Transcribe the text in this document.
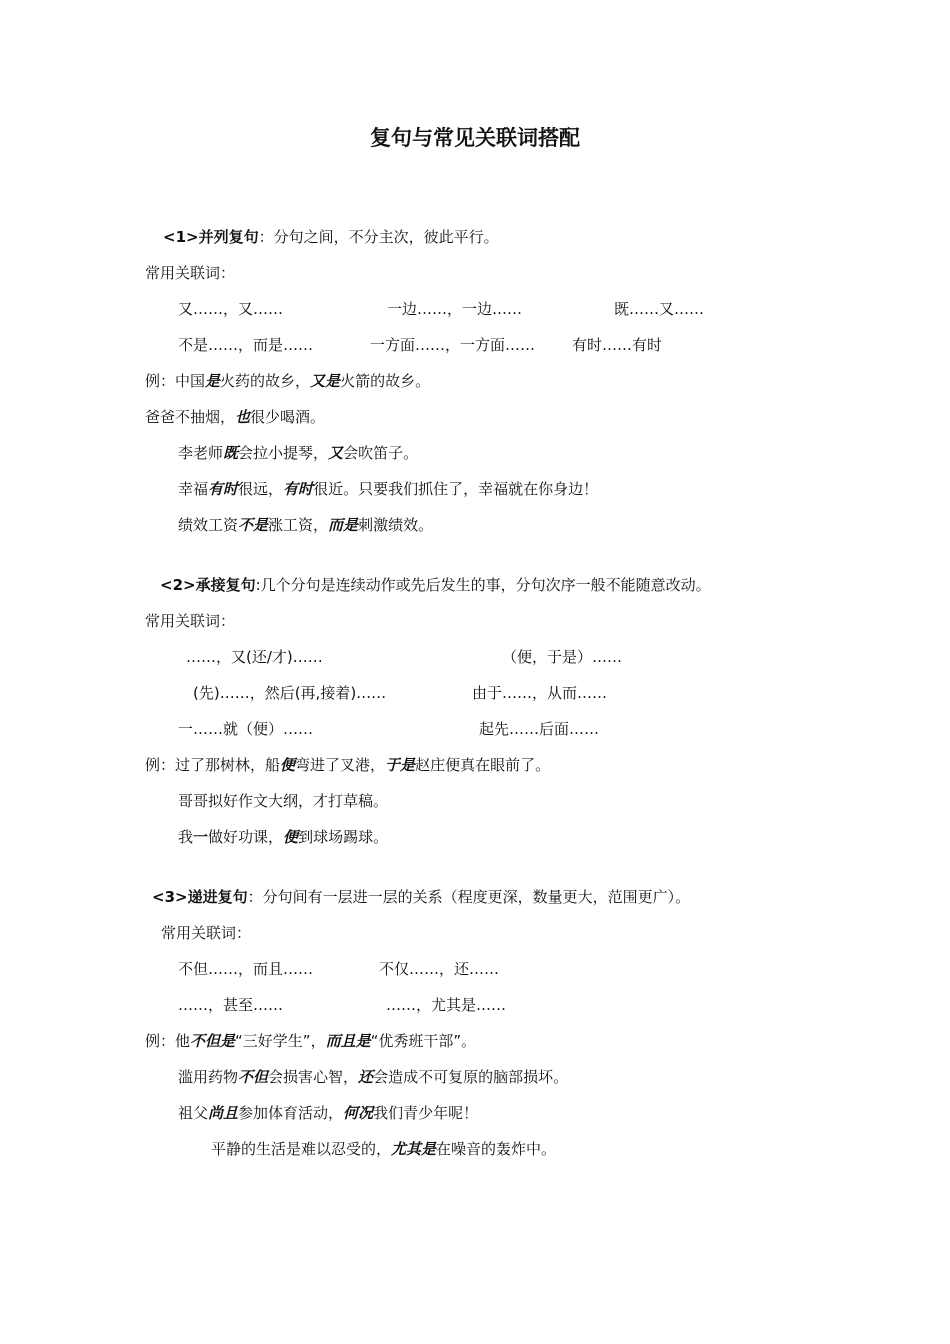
复句与常见关联词搭配
<1>并列复句：分句之间，不分主次，彼此平行。
常用关联词：
又……，又……	一边……，一边……	既……又……
不是……，而是……	一方面……，一方面…… 有时……有时
例：中国是火药的故乡，又是火箭的故乡。
爸爸不抽烟，也很少喝酒。
李老师既会拉小提琴，又会吹笛子。
幸福有时很远，有时很近。只要我们抓住了，幸福就在你身边！
绩效工资不是涨工资，而是刺激绩效。
<2>承接复句:几个分句是连续动作或先后发生的事，分句次序一般不能随意改动。
常用关联词：
……，又(还/才)……	（便，于是）……
(先)……，然后(再,接着)……	由于……，从而……
一……就（便）……	起先……后面……
例：过了那树林，船便弯进了叉港，于是赵庄便真在眼前了。
哥哥拟好作文大纲，才打草稿。
我一做好功课，便到球场踢球。
<3>递进复句：分句间有一层进一层的关系（程度更深，数量更大，范围更广）。
常用关联词：
不但……，而且……	不仅……，还……
……，甚至……	……，尤其是……
例：他不但是“三好学生”，而且是“优秀班干部”。
滥用药物不但会损害心智，还会造成不可复原的脑部损坏。
祖父尚且参加体育活动，何况我们青少年呢！
平静的生活是难以忍受的，尤其是在噪音的轰炸中。
